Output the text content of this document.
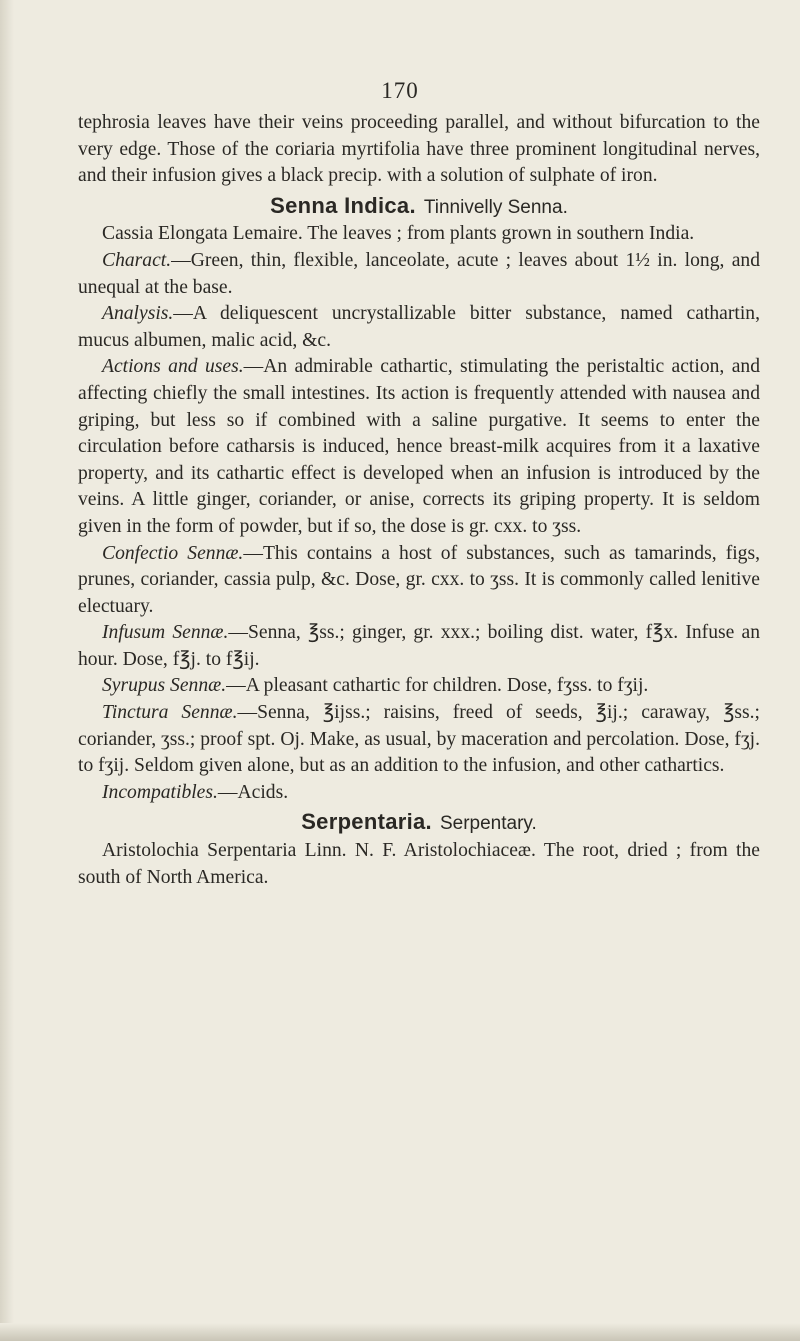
170

tephrosia leaves have their veins proceeding parallel, and without bifurcation to the very edge. Those of the coriaria myrtifolia have three prominent longitudinal nerves, and their infusion gives a black precip. with a solution of sulphate of iron.

Senna Indica. Tinnivelly Senna.

Cassia Elongata Lemaire. The leaves ; from plants grown in southern India.

Charact.—Green, thin, flexible, lanceolate, acute ; leaves about 1½ in. long, and unequal at the base.

Analysis.—A deliquescent uncrystallizable bitter substance, named cathartin, mucus albumen, malic acid, &c.

Actions and uses.—An admirable cathartic, stimulating the peristaltic action, and affecting chiefly the small intestines. Its action is frequently attended with nausea and griping, but less so if combined with a saline purgative. It seems to enter the circulation before catharsis is induced, hence breast-milk acquires from it a laxative property, and its cathartic effect is developed when an infusion is introduced by the veins. A little ginger, coriander, or anise, corrects its griping property. It is seldom given in the form of powder, but if so, the dose is gr. cxx. to ʒss.

Confectio Sennæ.—This contains a host of substances, such as tamarinds, figs, prunes, coriander, cassia pulp, &c. Dose, gr. cxx. to ʒss. It is commonly called lenitive electuary.

Infusum Sennæ.—Senna, ℥ss.; ginger, gr. xxx.; boiling dist. water, f℥x. Infuse an hour. Dose, f℥j. to f℥ij.

Syrupus Sennæ.—A pleasant cathartic for children. Dose, fʒss. to fʒij.

Tinctura Sennæ.—Senna, ℥ijss.; raisins, freed of seeds, ℥ij.; caraway, ℥ss.; coriander, ʒss.; proof spt. Oj. Make, as usual, by maceration and percolation. Dose, fʒj. to fʒij. Seldom given alone, but as an addition to the infusion, and other cathartics.

Incompatibles.—Acids.

Serpentaria. Serpentary.

Aristolochia Serpentaria Linn. N. F. Aristolochiaceæ. The root, dried ; from the south of North America.
